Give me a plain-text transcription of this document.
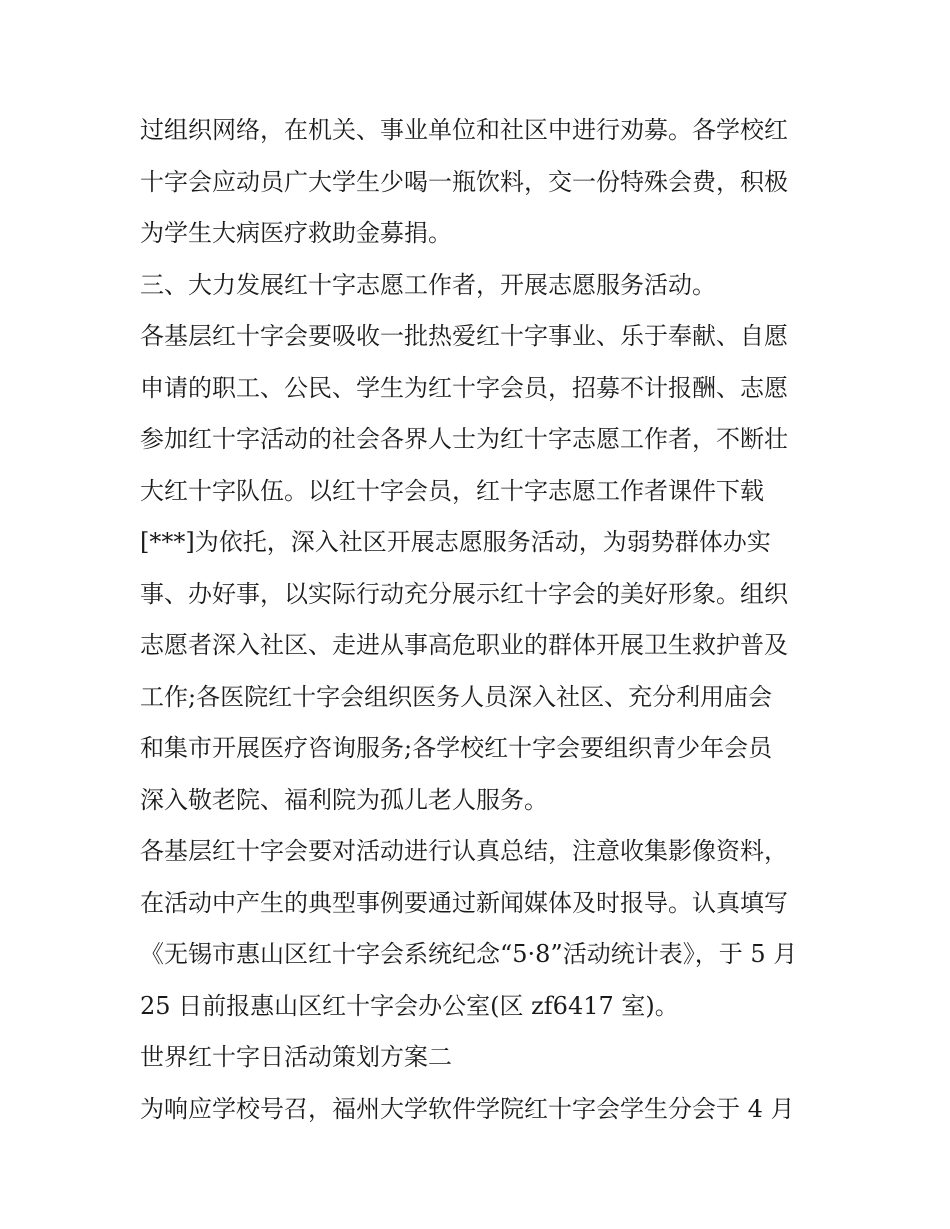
过组织网络，在机关、事业单位和社区中进行劝募。各学校红
十字会应动员广大学生少喝一瓶饮料，交一份特殊会费，积极
为学生大病医疗救助金募捐。
三、大力发展红十字志愿工作者，开展志愿服务活动。
各基层红十字会要吸收一批热爱红十字事业、乐于奉献、自愿
申请的职工、公民、学生为红十字会员，招募不计报酬、志愿
参加红十字活动的社会各界人士为红十字志愿工作者，不断壮
大红十字队伍。以红十字会员，红十字志愿工作者课件下载
[***]为依托，深入社区开展志愿服务活动，为弱势群体办实
事、办好事，以实际行动充分展示红十字会的美好形象。组织
志愿者深入社区、走进从事高危职业的群体开展卫生救护普及
工作;各医院红十字会组织医务人员深入社区、充分利用庙会
和集市开展医疗咨询服务;各学校红十字会要组织青少年会员
深入敬老院、福利院为孤儿老人服务。
各基层红十字会要对活动进行认真总结，注意收集影像资料，
在活动中产生的典型事例要通过新闻媒体及时报导。认真填写
《无锡市惠山区红十字会系统纪念“5·8”活动统计表》，于 5 月
25 日前报惠山区红十字会办公室(区 zf6417 室)。
世界红十字日活动策划方案二
为响应学校号召，福州大学软件学院红十字会学生分会于 4 月
